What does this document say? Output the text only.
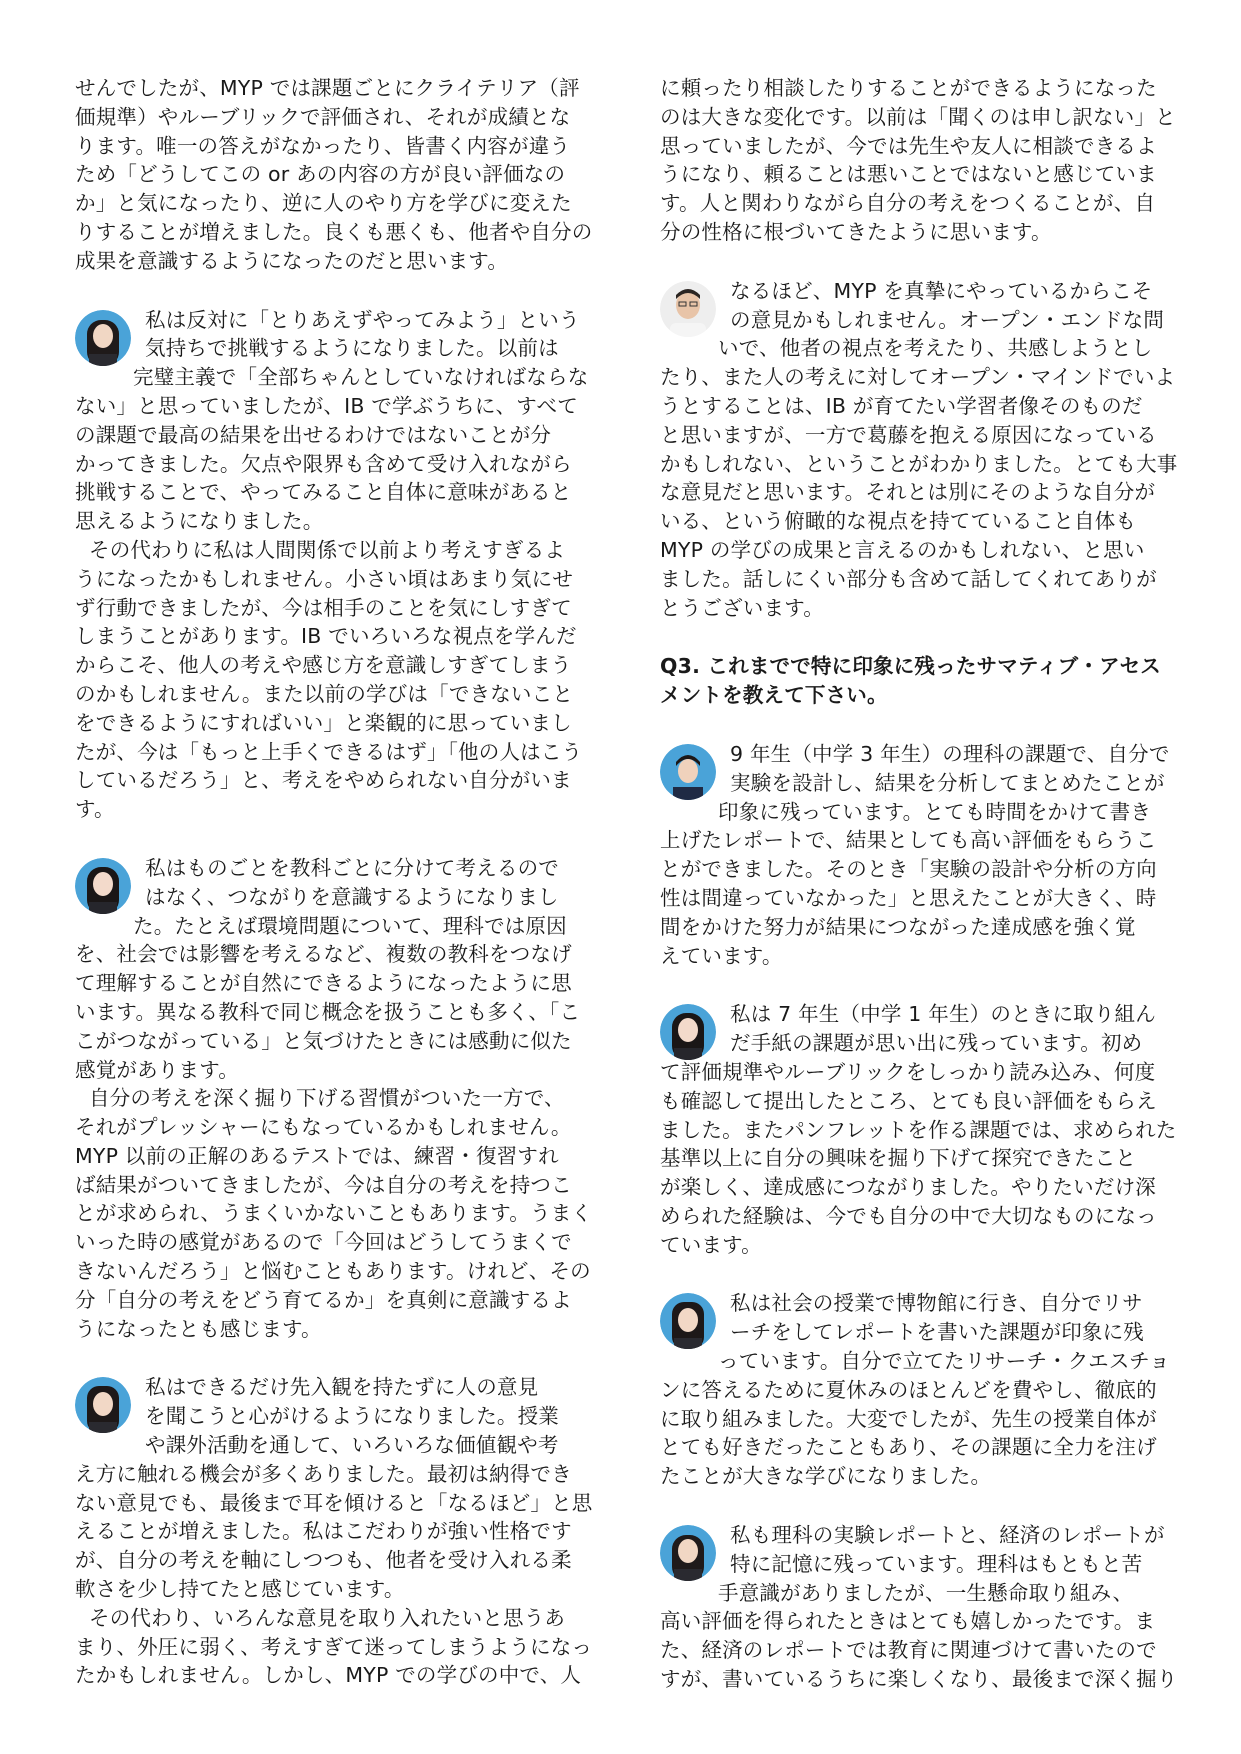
せんでしたが、MYP では課題ごとにクライテリア（評
価規準）やルーブリックで評価され、それが成績とな
ります。唯一の答えがなかったり、皆書く内容が違う
ため「どうしてこの or あの内容の方が良い評価なの
か」と気になったり、逆に人のやり方を学びに変えた
りすることが増えました。良くも悪くも、他者や自分の
成果を意識するようになったのだと思います。
私は反対に「とりあえずやってみよう」という
気持ちで挑戦するようになりました。以前は
完璧主義で「全部ちゃんとしていなければならな
ない」と思っていましたが、IB で学ぶうちに、すべて
の課題で最高の結果を出せるわけではないことが分
かってきました。欠点や限界も含めて受け入れながら
挑戦することで、やってみること自体に意味があると
思えるようになりました。
その代わりに私は人間関係で以前より考えすぎるよ
うになったかもしれません。小さい頃はあまり気にせ
ず行動できましたが、今は相手のことを気にしすぎて
しまうことがあります。IB でいろいろな視点を学んだ
からこそ、他人の考えや感じ方を意識しすぎてしまう
のかもしれません。また以前の学びは「できないこと
をできるようにすればいい」と楽観的に思っていまし
たが、今は「もっと上手くできるはず」「他の人はこう
しているだろう」と、考えをやめられない自分がいま
す。
私はものごとを教科ごとに分けて考えるので
はなく、つながりを意識するようになりまし
た。たとえば環境問題について、理科では原因
を、社会では影響を考えるなど、複数の教科をつなげ
て理解することが自然にできるようになったように思
います。異なる教科で同じ概念を扱うことも多く、「こ
こがつながっている」と気づけたときには感動に似た
感覚があります。
自分の考えを深く掘り下げる習慣がついた一方で、
それがプレッシャーにもなっているかもしれません。
MYP 以前の正解のあるテストでは、練習・復習すれ
ば結果がついてきましたが、今は自分の考えを持つこ
とが求められ、うまくいかないこともあります。うまく
いった時の感覚があるので「今回はどうしてうまくで
きないんだろう」と悩むこともあります。けれど、その
分「自分の考えをどう育てるか」を真剣に意識するよ
うになったとも感じます。
私はできるだけ先入観を持たずに人の意見
を聞こうと心がけるようになりました。授業
や課外活動を通して、いろいろな価値観や考
え方に触れる機会が多くありました。最初は納得でき
ない意見でも、最後まで耳を傾けると「なるほど」と思
えることが増えました。私はこだわりが強い性格です
が、自分の考えを軸にしつつも、他者を受け入れる柔
軟さを少し持てたと感じています。
その代わり、いろんな意見を取り入れたいと思うあ
まり、外圧に弱く、考えすぎて迷ってしまうようになっ
たかもしれません。しかし、MYP での学びの中で、人
に頼ったり相談したりすることができるようになった
のは大きな変化です。以前は「聞くのは申し訳ない」と
思っていましたが、今では先生や友人に相談できるよ
うになり、頼ることは悪いことではないと感じていま
す。人と関わりながら自分の考えをつくることが、自
分の性格に根づいてきたように思います。
なるほど、MYP を真摯にやっているからこそ
の意見かもしれません。オープン・エンドな問
いで、他者の視点を考えたり、共感しようとし
たり、また人の考えに対してオープン・マインドでいよ
うとすることは、IB が育てたい学習者像そのものだ
と思いますが、一方で葛藤を抱える原因になっている
かもしれない、ということがわかりました。とても大事
な意見だと思います。それとは別にそのような自分が
いる、という俯瞰的な視点を持てていること自体も
MYP の学びの成果と言えるのかもしれない、と思い
ました。話しにくい部分も含めて話してくれてありが
とうございます。
Q3. これまでで特に印象に残ったサマティブ・アセス
メントを教えて下さい。
9 年生（中学 3 年生）の理科の課題で、自分で
実験を設計し、結果を分析してまとめたことが
印象に残っています。とても時間をかけて書き
上げたレポートで、結果としても高い評価をもらうこ
とができました。そのとき「実験の設計や分析の方向
性は間違っていなかった」と思えたことが大きく、時
間をかけた努力が結果につながった達成感を強く覚
えています。
私は 7 年生（中学 1 年生）のときに取り組ん
だ手紙の課題が思い出に残っています。初め
て評価規準やルーブリックをしっかり読み込み、何度
も確認して提出したところ、とても良い評価をもらえ
ました。またパンフレットを作る課題では、求められた
基準以上に自分の興味を掘り下げて探究できたこと
が楽しく、達成感につながりました。やりたいだけ深
められた経験は、今でも自分の中で大切なものになっ
ています。
私は社会の授業で博物館に行き、自分でリサ
ーチをしてレポートを書いた課題が印象に残
っています。自分で立てたリサーチ・クエスチョ
ンに答えるために夏休みのほとんどを費やし、徹底的
に取り組みました。大変でしたが、先生の授業自体が
とても好きだったこともあり、その課題に全力を注げ
たことが大きな学びになりました。
私も理科の実験レポートと、経済のレポートが
特に記憶に残っています。理科はもともと苦
手意識がありましたが、一生懸命取り組み、
高い評価を得られたときはとても嬉しかったです。ま
た、経済のレポートでは教育に関連づけて書いたので
すが、書いているうちに楽しくなり、最後まで深く掘り
